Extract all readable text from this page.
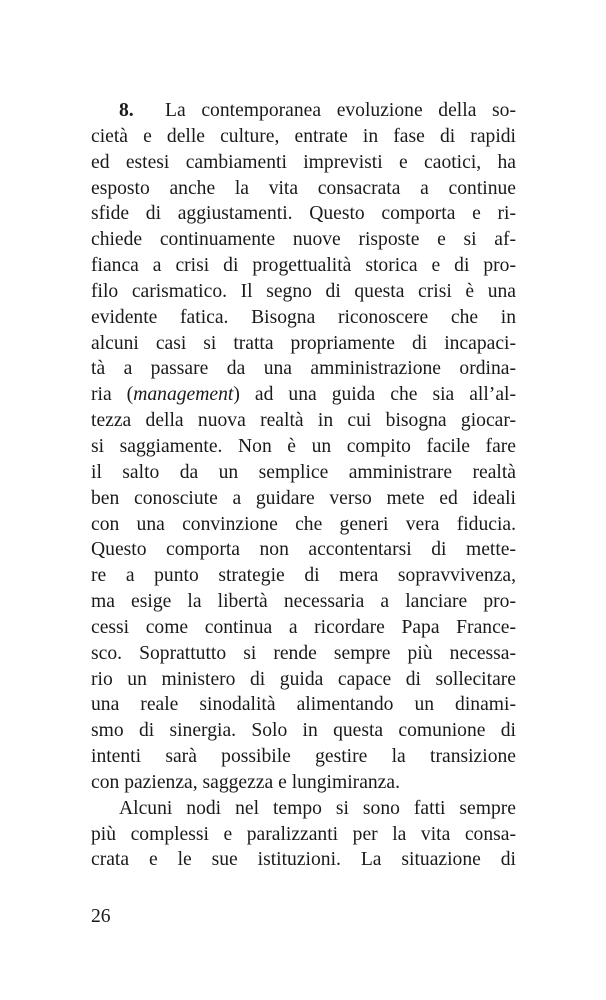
8. La contemporanea evoluzione della so-
cietà e delle culture, entrate in fase di rapidi
ed estesi cambiamenti imprevisti e caotici, ha
esposto anche la vita consacrata a continue
sfide di aggiustamenti. Questo comporta e ri-
chiede continuamente nuove risposte e si af-
fianca a crisi di progettualità storica e di pro-
filo carismatico. Il segno di questa crisi è una
evidente fatica. Bisogna riconoscere che in
alcuni casi si tratta propriamente di incapaci-
tà a passare da una amministrazione ordina-
ria (management) ad una guida che sia all’al-
tezza della nuova realtà in cui bisogna giocar-
si saggiamente. Non è un compito facile fare
il salto da un semplice amministrare realtà
ben conosciute a guidare verso mete ed ideali
con una convinzione che generi vera fiducia.
Questo comporta non accontentarsi di mette-
re a punto strategie di mera sopravvivenza,
ma esige la libertà necessaria a lanciare pro-
cessi come continua a ricordare Papa France-
sco. Soprattutto si rende sempre più necessa-
rio un ministero di guida capace di sollecitare
una reale sinodalità alimentando un dinami-
smo di sinergia. Solo in questa comunione di
intenti sarà possibile gestire la transizione
con pazienza, saggezza e lungimiranza.
Alcuni nodi nel tempo si sono fatti sempre
più complessi e paralizzanti per la vita consa-
crata e le sue istituzioni. La situazione di
26
